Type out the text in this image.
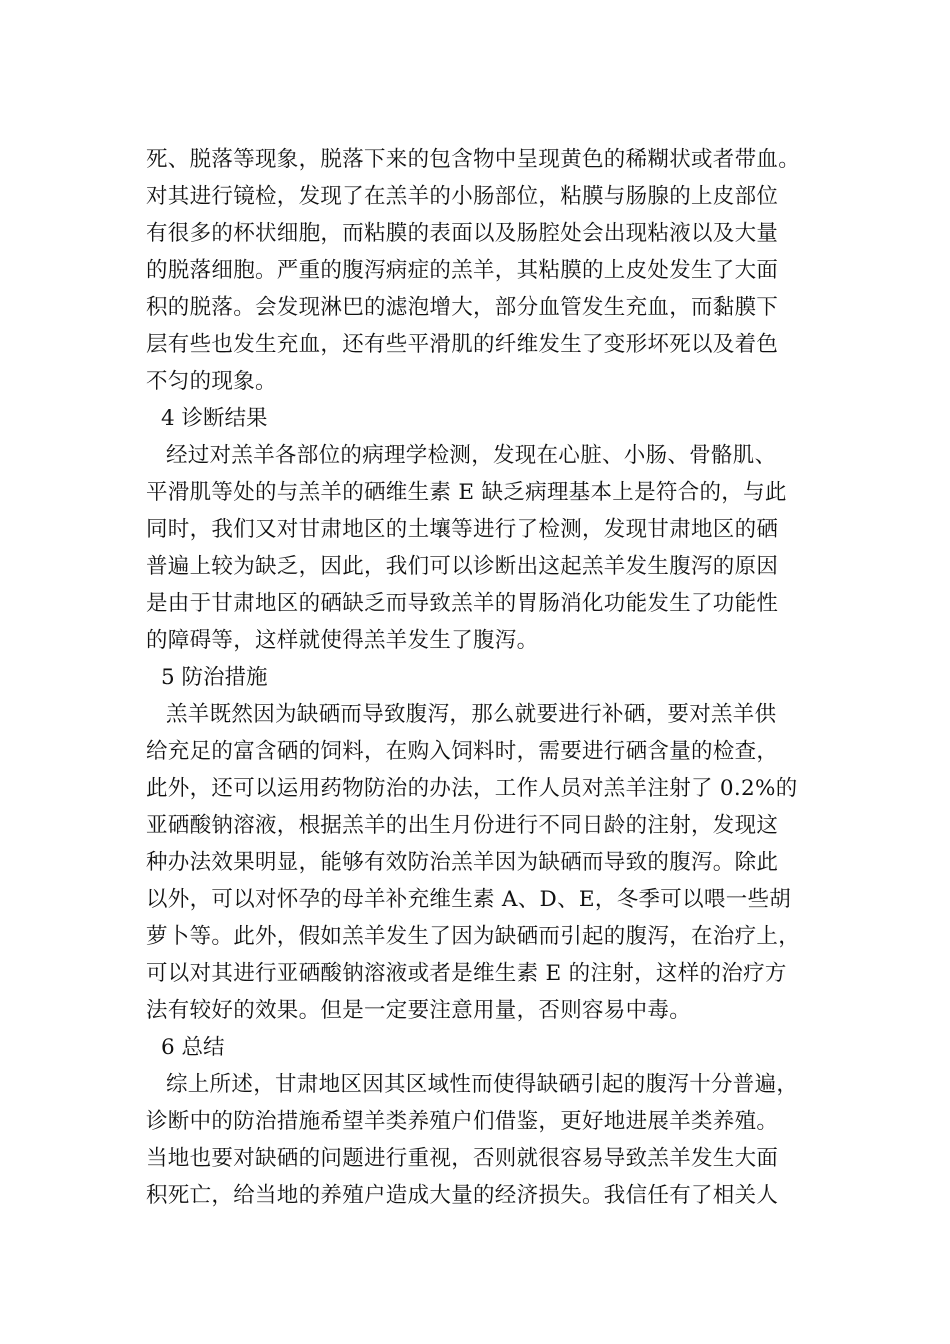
死、脱落等现象，脱落下来的包含物中呈现黄色的稀糊状或者带血。
对其进行镜检，发现了在羔羊的小肠部位，粘膜与肠腺的上皮部位
有很多的杯状细胞，而粘膜的表面以及肠腔处会出现粘液以及大量
的脱落细胞。严重的腹泻病症的羔羊，其粘膜的上皮处发生了大面
积的脱落。会发现淋巴的滤泡增大，部分血管发生充血，而黏膜下
层有些也发生充血，还有些平滑肌的纤维发生了变形坏死以及着色
不匀的现象。
4 诊断结果
经过对羔羊各部位的病理学检测，发现在心脏、小肠、骨骼肌、
平滑肌等处的与羔羊的硒维生素 E 缺乏病理基本上是符合的，与此
同时，我们又对甘肃地区的土壤等进行了检测，发现甘肃地区的硒
普遍上较为缺乏，因此，我们可以诊断出这起羔羊发生腹泻的原因
是由于甘肃地区的硒缺乏而导致羔羊的胃肠消化功能发生了功能性
的障碍等，这样就使得羔羊发生了腹泻。
5 防治措施
羔羊既然因为缺硒而导致腹泻，那么就要进行补硒，要对羔羊供
给充足的富含硒的饲料，在购入饲料时，需要进行硒含量的检查，
此外，还可以运用药物防治的办法，工作人员对羔羊注射了 0.2%的
亚硒酸钠溶液，根据羔羊的出生月份进行不同日龄的注射，发现这
种办法效果明显，能够有效防治羔羊因为缺硒而导致的腹泻。除此
以外，可以对怀孕的母羊补充维生素 A、D、E，冬季可以喂一些胡
萝卜等。此外，假如羔羊发生了因为缺硒而引起的腹泻，在治疗上，
可以对其进行亚硒酸钠溶液或者是维生素 E 的注射，这样的治疗方
法有较好的效果。但是一定要注意用量，否则容易中毒。
6 总结
综上所述，甘肃地区因其区域性而使得缺硒引起的腹泻十分普遍，
诊断中的防治措施希望羊类养殖户们借鉴，更好地进展羊类养殖。
当地也要对缺硒的问题进行重视，否则就很容易导致羔羊发生大面
积死亡，给当地的养殖户造成大量的经济损失。我信任有了相关人
